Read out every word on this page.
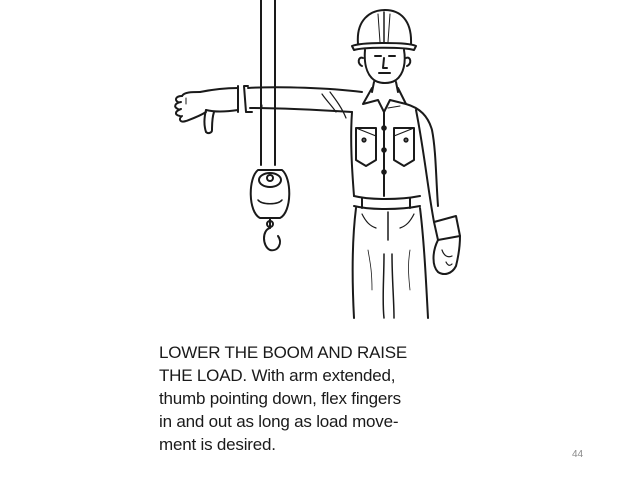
LOWER THE BOOM AND RAISE
THE LOAD. With arm extended,
thumb pointing down, flex fingers
in and out as long as load move-
ment is desired.

44
